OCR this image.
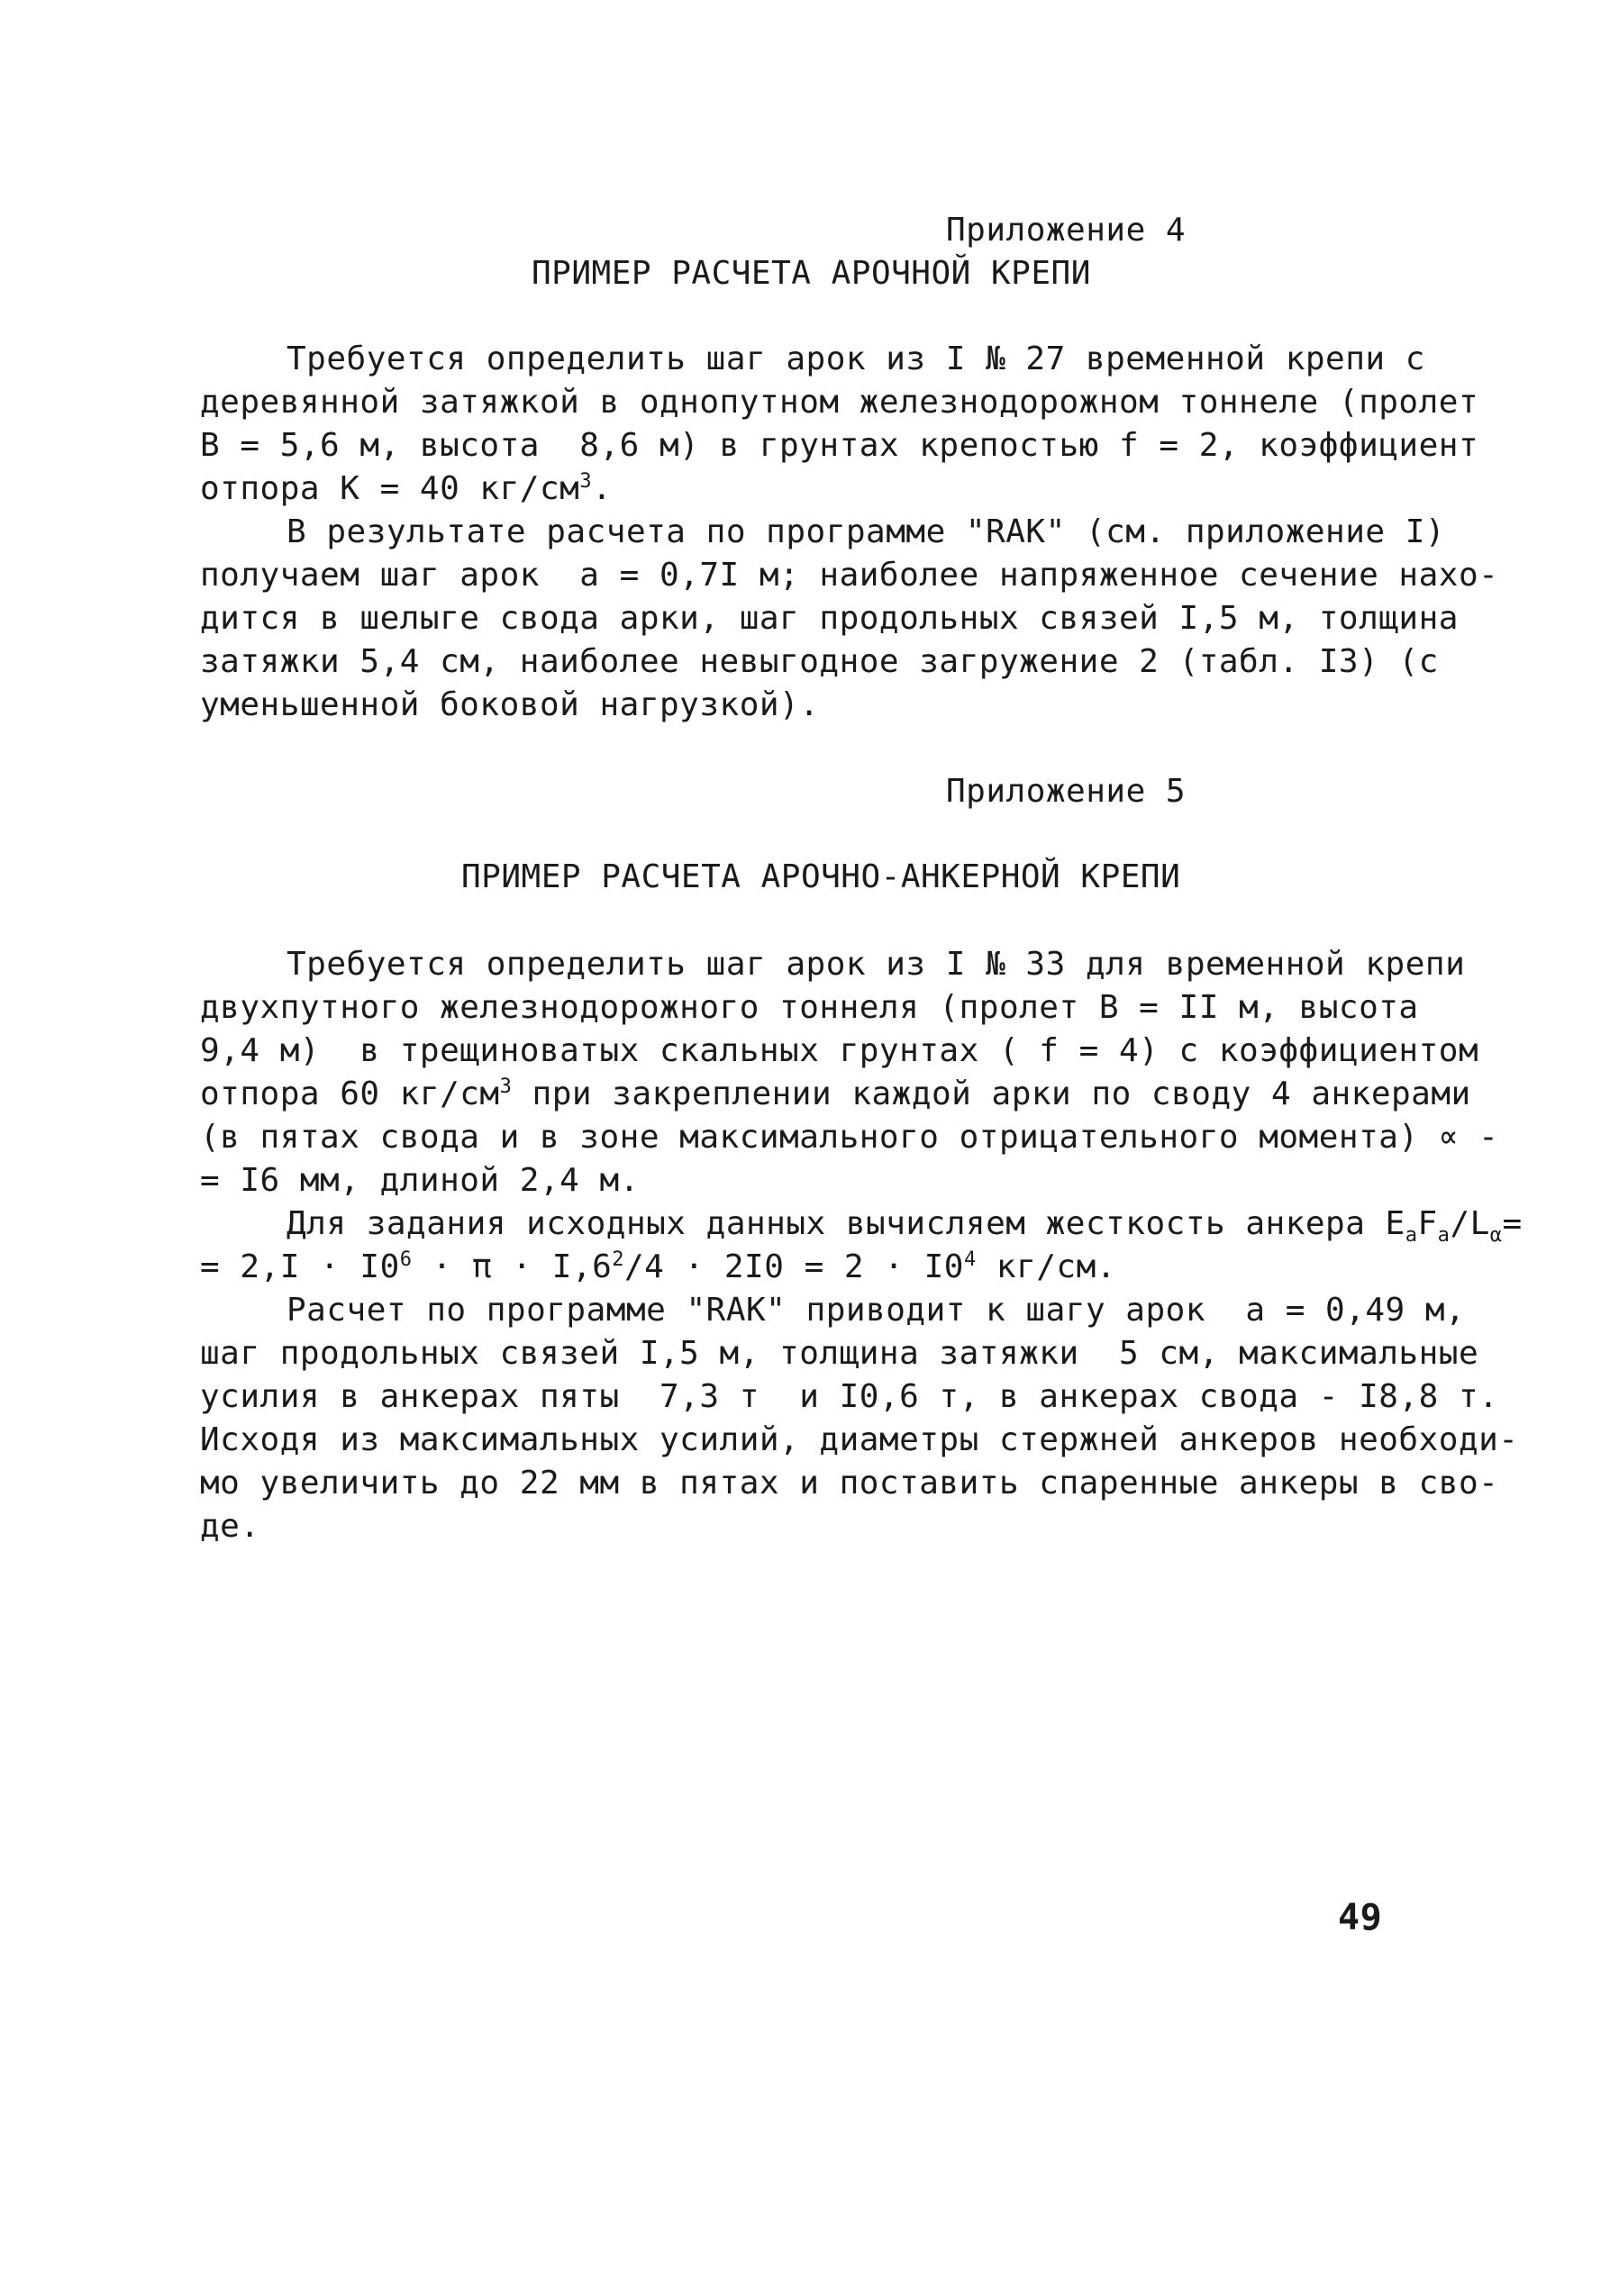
Приложение 4
ПРИМЕР РАСЧЕТА АРОЧНОЙ КРЕПИ
Требуется определить шаг арок из I № 27 временной крепи с
деревянной затяжкой в однопутном железнодорожном тоннеле (пролет
В = 5,6 м, высота  8,6 м) в грунтах крепостью f = 2, коэффициент
отпора К = 40 $кг/см^3$.
В результате расчета по программе "RAK" (см. приложение I)
получаем шаг арок  a = 0,7I м; наиболее напряженное сечение нахо-
дится в шелыге свода арки, шаг продольных связей I,5 м, толщина
затяжки 5,4 см, наиболее невыгодное загружение 2 (табл. I3) (с
уменьшенной боковой нагрузкой).
Приложение 5
ПРИМЕР РАСЧЕТА АРОЧНО-АНКЕРНОЙ КРЕПИ
Требуется определить шаг арок из I № 33 для временной крепи
двухпутного железнодорожного тоннеля (пролет В = II м, высота
9,4 м)  в трещиноватых скальных грунтах ( f = 4) с коэффициентом
отпора 60 $кг/см^3$ при закреплении каждой арки по своду 4 анкерами
(в пятах свода и в зоне максимального отрицательного момента) ∝ -
= I6 мм, длиной 2,4 м.
Для задания исходных данных вычисляем жесткость анкера $E_aF_a/L_\alpha=$
= $2,I \cdot I0^6 \cdot \pi \cdot I,6^2/4 \cdot 2I0 = 2 \cdot I0^4$ кг/см.
Расчет по программе "RAK" приводит к шагу арок  a = 0,49 м,
шаг продольных связей I,5 м, толщина затяжки  5 см, максимальные
усилия в анкерах пяты  7,3 т  и I0,6 т, в анкерах свода - I8,8 т.
Исходя из максимальных усилий, диаметры стержней анкеров необходи-
мо увеличить до 22 мм в пятах и поставить спаренные анкеры в сво-
де.
49
